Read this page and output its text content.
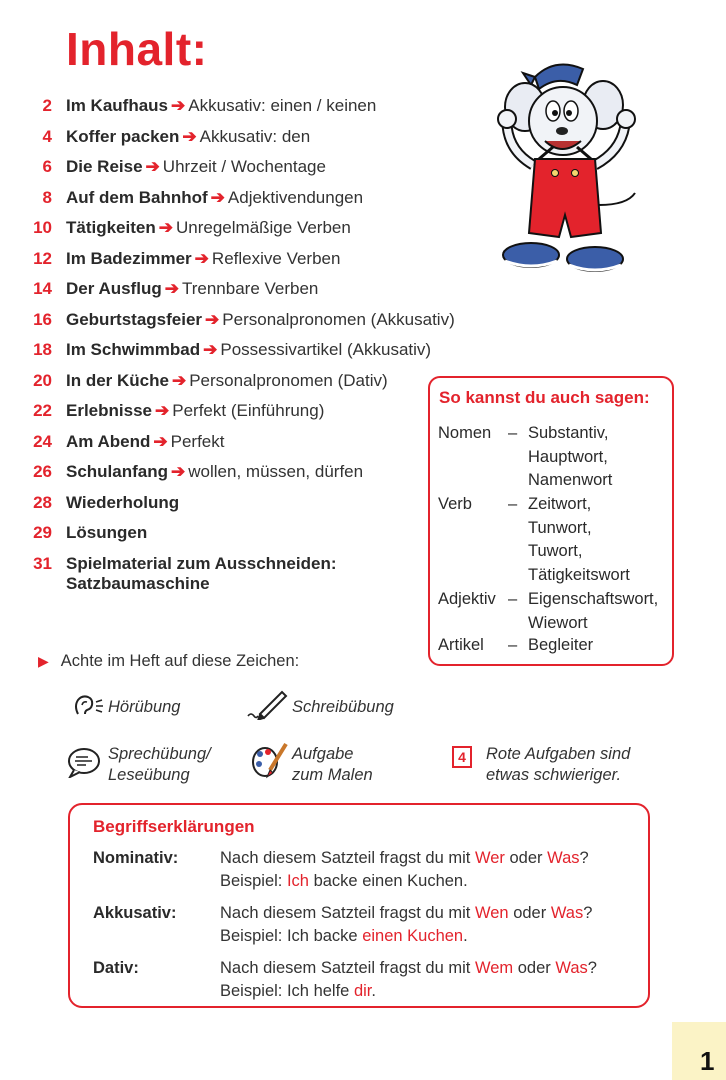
Inhalt:
2 Im Kaufhaus ➔ Akkusativ: einen / keinen
4 Koffer packen ➔ Akkusativ: den
6 Die Reise ➔ Uhrzeit / Wochentage
8 Auf dem Bahnhof ➔ Adjektivendungen
10 Tätigkeiten ➔ Unregelmäßige Verben
12 Im Badezimmer ➔ Reflexive Verben
14 Der Ausflug ➔ Trennbare Verben
16 Geburtstagsfeier ➔ Personalpronomen (Akkusativ)
18 Im Schwimmbad ➔ Possessivartikel (Akkusativ)
20 In der Küche ➔ Personalpronomen (Dativ)
22 Erlebnisse ➔ Perfekt (Einführung)
24 Am Abend ➔ Perfekt
26 Schulanfang ➔ wollen, müssen, dürfen
28 Wiederholung
29 Lösungen
31 Spielmaterial zum Ausschneiden:
Satzbaumaschine
So kannst du auch sagen:
Nomen – Substantiv,
Hauptwort,
Namenwort
Verb – Zeitwort,
Tunwort,
Tuwort,
Tätigkeitswort
Adjektiv – Eigenschaftswort,
Wiewort
Artikel – Begleiter
▶ Achte im Heft auf diese Zeichen:
Hörübung	Schreibübung
Sprechübung/
Leseübung
Aufgabe
zum Malen
4	Rote Aufgaben sind
etwas schwieriger.
Begriffserklärungen
Nominativ:	Nach diesem Satzteil fragst du mit Wer oder Was?
Beispiel: Ich backe einen Kuchen.
Akkusativ:	Nach diesem Satzteil fragst du mit Wen oder Was?
Beispiel: Ich backe einen Kuchen.
Dativ:	Nach diesem Satzteil fragst du mit Wem oder Was?
Beispiel: Ich helfe dir.
1
